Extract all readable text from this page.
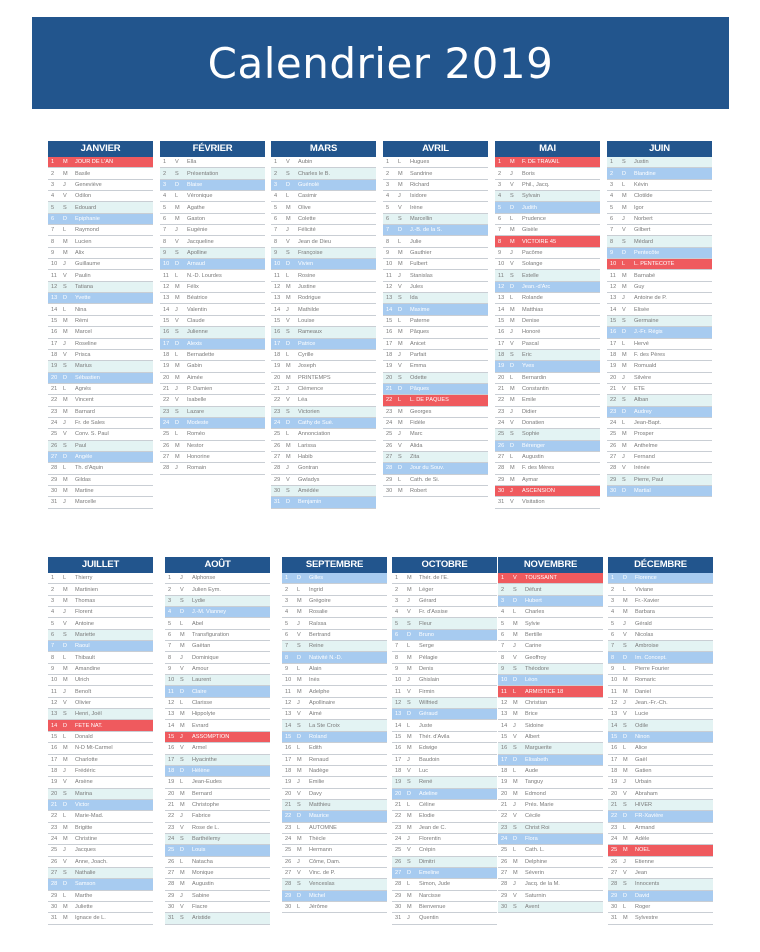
Calendrier 2019
JANVIER
1	M	JOUR DE L'AN
2	M	Basile
3	J	Geneviève
4	V	Odilon
5	S	Edouard
6	D	Epiphanie
7	L	Raymond
8	M	Lucien
9	M	Alix
10	J	Guillaume
11	V	Paulin
12	S	Tatiana
13	D	Yvette
14	L	Nina
15	M	Rémi
16	M	Marcel
17	J	Roseline
18	V	Prisca
19	S	Marius
20	D	Sébastien
21	L	Agnès
22	M	Vincent
23	M	Barnard
24	J	Fr. de Sales
25	V	Conv. S. Paul
26	S	Paul
27	D	Angèle
28	L	Th. d'Aquin
29	M	Gildas
30	M	Martine
31	J	Marcelle
FÉVRIER
1	V	Ella
2	S	Présentation
3	D	Blaise
4	L	Véronique
5	M	Agathe
6	M	Gaston
7	J	Eugénie
8	V	Jacqueline
9	S	Apolline
10	D	Arnaud
11	L	N.-D. Lourdes
12	M	Félix
13	M	Béatrice
14	J	Valentin
15	V	Claude
16	S	Julienne
17	D	Alexis
18	L	Bernadette
19	M	Gabin
20	M	Aimée
21	J	P. Damien
22	V	Isabelle
23	S	Lazare
24	D	Modeste
25	L	Roméo
26	M	Nestor
27	M	Honorine
28	J	Romain
MARS
1	V	Aubin
2	S	Charles le B.
3	D	Guénolé
4	L	Casimir
5	M	Olive
6	M	Colette
7	J	Félicité
8	V	Jean de Dieu
9	S	Françoise
10	D	Vivien
11	L	Rosine
12	M	Justine
13	M	Rodrigue
14	J	Mathilde
15	V	Louise
16	S	Rameaux
17	D	Patrice
18	L	Cyrille
19	M	Joseph
20	M	PRINTEMPS
21	J	Clémence
22	V	Léa
23	S	Victorien
24	D	Cathy de Suè.
25	L	Annonciation
26	M	Larissa
27	M	Habib
28	J	Gontran
29	V	Gwladys
30	S	Amédée
31	D	Benjamin
AVRIL
1	L	Hugues
2	M	Sandrine
3	M	Richard
4	J	Isidore
5	V	Irène
6	S	Marcellin
7	D	J.-B. de la S.
8	L	Julie
9	M	Gauthier
10	M	Fulbert
11	J	Stanislas
12	V	Jules
13	S	Ida
14	D	Maxime
15	L	Paterne
16	M	Pâques
17	M	Anicet
18	J	Parfait
19	V	Emma
20	S	Odette
21	D	Pâques
22	L	L. DE PÂQUES
23	M	Georges
24	M	Fidèle
25	J	Marc
26	V	Alida
27	S	Zita
28	D	Jour du Souv.
29	L	Cath. de Si.
30	M	Robert
MAI
1	M	F. DE TRAVAIL
2	J	Boris
3	V	Phil., Jacq.
4	S	Sylvain
5	D	Judith
6	L	Prudence
7	M	Gisèle
8	M	VICTOIRE 45
9	J	Pacôme
10	V	Solange
11	S	Estelle
12	D	Jean.-d'Arc
13	L	Rolande
14	M	Matthias
15	M	Denise
16	J	Honoré
17	V	Pascal
18	S	Eric
19	D	Yves
20	L	Bernardin
21	M	Constantin
22	M	Emile
23	J	Didier
24	V	Donatien
25	S	Sophie
26	D	Bérenger
27	L	Augustin
28	M	F. des Mères
29	M	Aymar
30	J	ASCENSION
31	V	Visitation
JUIN
1	S	Justin
2	D	Blandine
3	L	Kévin
4	M	Clotilde
5	M	Igor
6	J	Norbert
7	V	Gilbert
8	S	Médard
9	D	Pentecôte
10	L	L. PENTECÔTE
11	M	Barnabé
12	M	Guy
13	J	Antoine de P.
14	V	Elisée
15	S	Germaine
16	D	J.-Fr. Régis
17	L	Hervé
18	M	F. des Pères
19	M	Romuald
20	J	Silvère
21	V	ETE
22	S	Alban
23	D	Audrey
24	L	Jean-Bapt.
25	M	Prosper
26	M	Anthelme
27	J	Fernand
28	V	Irénée
29	S	Pierre, Paul
30	D	Martial
JUILLET
1	L	Thierry
2	M	Martinien
3	M	Thomas
4	J	Florent
5	V	Antoine
6	S	Mariette
7	D	Raoul
8	L	Thibault
9	M	Amandine
10	M	Ulrich
11	J	Benoît
12	V	Olivier
13	S	Henri, Joël
14	D	FÊTE NAT.
15	L	Donald
16	M	N-D Mt-Carmel
17	M	Charlotte
18	J	Frédéric
19	V	Arsène
20	S	Marina
21	D	Victor
22	L	Marie-Mad.
23	M	Brigitte
24	M	Christine
25	J	Jacques
26	V	Anne, Joach.
27	S	Nathalie
28	D	Samson
29	L	Marthe
30	M	Juliette
31	M	Ignace de L.
AOÛT
1	J	Alphonse
2	V	Julien Eym.
3	S	Lydie
4	D	J.-M. Vianney
5	L	Abel
6	M	Transfiguration
7	M	Gaëtan
8	J	Dominique
9	V	Amour
10	S	Laurent
11	D	Claire
12	L	Clarisse
13	M	Hippolyte
14	M	Evrard
15	J	ASSOMPTION
16	V	Armel
17	S	Hyacinthe
18	D	Hélène
19	L	Jean-Eudes
20	M	Bernard
21	M	Christophe
22	J	Fabrice
23	V	Rose de L.
24	S	Barthélemy
25	D	Louis
26	L	Natacha
27	M	Monique
28	M	Augustin
29	J	Sabine
30	V	Fiacre
31	S	Aristide
SEPTEMBRE
1	D	Gilles
2	L	Ingrid
3	M	Grégoire
4	M	Rosalie
5	J	Raïssa
6	V	Bertrand
7	S	Reine
8	D	Nativité N.-D.
9	L	Alain
10	M	Inès
11	M	Adelphe
12	J	Apollinaire
13	V	Aimé
14	S	La Ste Croix
15	D	Roland
16	L	Edith
17	M	Renaud
18	M	Nadège
19	J	Emilie
20	V	Davy
21	S	Matthieu
22	D	Maurice
23	L	AUTOMNE
24	M	Thècle
25	M	Hermann
26	J	Côme, Dam.
27	V	Vinc. de P.
28	S	Venceslas
29	D	Michel
30	L	Jérôme
OCTOBRE
1	M	Thér. de l'E.
2	M	Léger
3	J	Gérard
4	V	Fr. d'Assise
5	S	Fleur
6	D	Bruno
7	L	Serge
8	M	Pélagie
9	M	Denis
10	J	Ghislain
11	V	Firmin
12	S	Wilfried
13	D	Géraud
14	L	Juste
15	M	Thér. d'Avila
16	M	Edwige
17	J	Baudoin
18	V	Luc
19	S	René
20	D	Adeline
21	L	Céline
22	M	Elodie
23	M	Jean de C.
24	J	Florentin
25	V	Crépin
26	S	Dimitri
27	D	Emeline
28	L	Simon, Jude
29	M	Narcisse
30	M	Bienvenue
31	J	Quentin
NOVEMBRE
1	V	TOUSSAINT
2	S	Défunt
3	D	Hubert
4	L	Charles
5	M	Sylvie
6	M	Bertille
7	J	Carine
8	V	Geoffroy
9	S	Théodore
10	D	Léon
11	L	ARMISTICE 18
12	M	Christian
13	M	Brice
14	J	Sidoine
15	V	Albert
16	S	Marguerite
17	D	Elisabeth
18	L	Aude
19	M	Tanguy
20	M	Edmond
21	J	Prés. Marie
22	V	Cécile
23	S	Christ Roi
24	D	Flora
25	L	Cath. L.
26	M	Delphine
27	M	Séverin
28	J	Jacq. de la M.
29	V	Saturnin
30	S	Avent
DÉCEMBRE
1	D	Florence
2	L	Viviane
3	M	Fr.-Xavier
4	M	Barbara
5	J	Gérald
6	V	Nicolas
7	S	Ambroise
8	D	Im. Concept.
9	L	Pierre Fourier
10	M	Romaric
11	M	Daniel
12	J	Jean.-Fr.-Ch.
13	V	Lucie
14	S	Odile
15	D	Ninon
16	L	Alice
17	M	Gaël
18	M	Gatien
19	J	Urbain
20	V	Abraham
21	S	HIVER
22	D	FR-Xavière
23	L	Armand
24	M	Adèle
25	M	NOËL
26	J	Etienne
27	V	Jean
28	S	Innocents
29	D	David
30	L	Roger
31	M	Sylvestre
